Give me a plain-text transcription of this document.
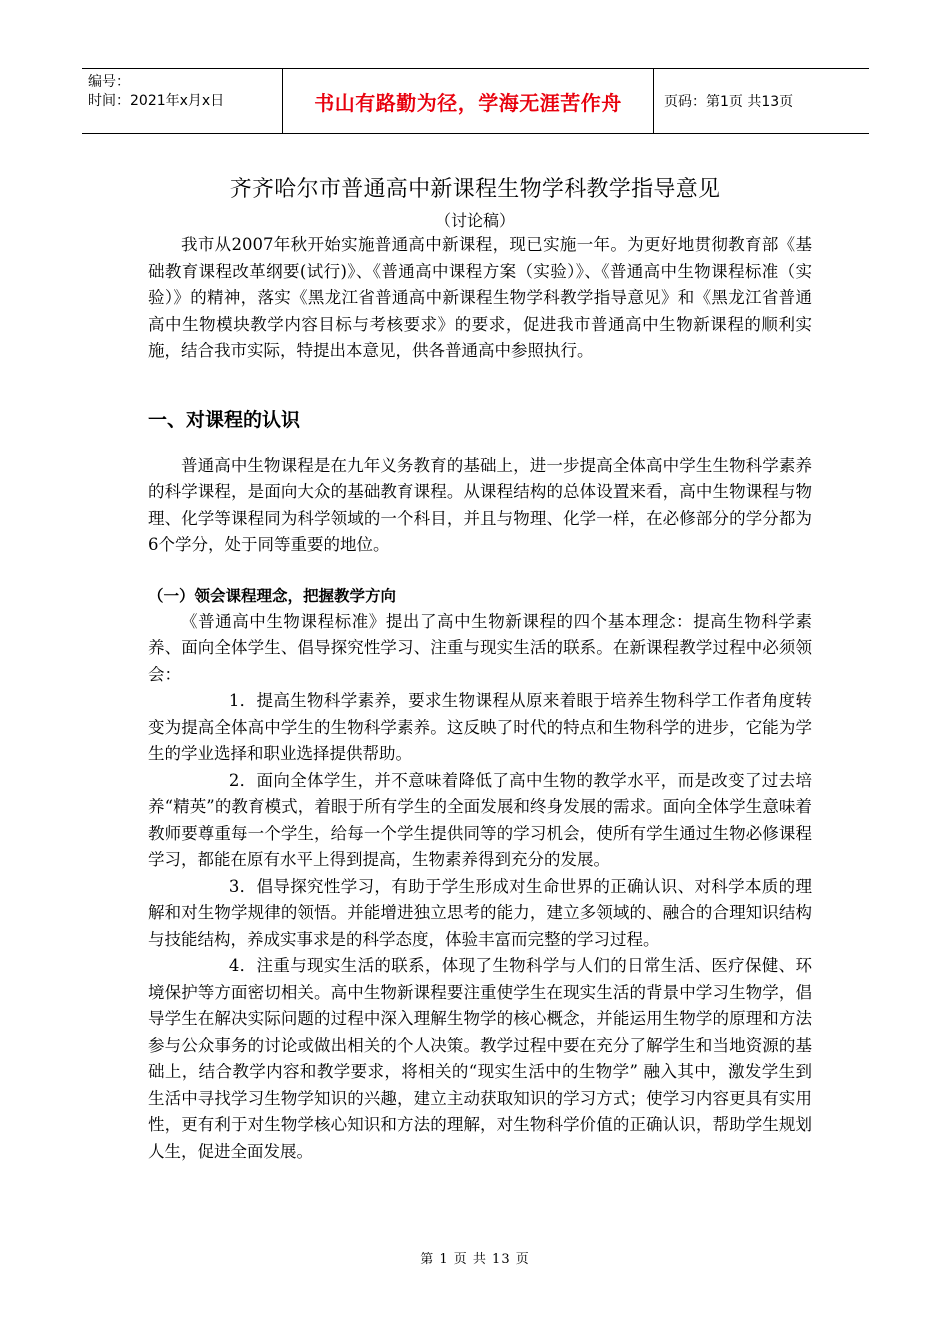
编号：
时间：2021年x月x日	书山有路勤为径，学海无涯苦作舟	页码：第1页 共13页
齐齐哈尔市普通高中新课程生物学科教学指导意见
（讨论稿）

我市从2007年秋开始实施普通高中新课程，现已实施一年。为更好地贯彻教育部《基础教育课程改革纲要(试行)》、《普通高中课程方案（实验）》、《普通高中生物课程标准（实验）》的精神，落实《黑龙江省普通高中新课程生物学科教学指导意见》和《黑龙江省普通高中生物模块教学内容目标与考核要求》的要求，促进我市普通高中生物新课程的顺利实施，结合我市实际，特提出本意见，供各普通高中参照执行。

一、对课程的认识

普通高中生物课程是在九年义务教育的基础上，进一步提高全体高中学生生物科学素养的科学课程，是面向大众的基础教育课程。从课程结构的总体设置来看，高中生物课程与物理、化学等课程同为科学领域的一个科目，并且与物理、化学一样，在必修部分的学分都为6个学分，处于同等重要的地位。

（一）领会课程理念，把握教学方向

《普通高中生物课程标准》提出了高中生物新课程的四个基本理念：提高生物科学素养、面向全体学生、倡导探究性学习、注重与现实生活的联系。在新课程教学过程中必须领会：

1．提高生物科学素养，要求生物课程从原来着眼于培养生物科学工作者角度转变为提高全体高中学生的生物科学素养。这反映了时代的特点和生物科学的进步，它能为学生的学业选择和职业选择提供帮助。

2．面向全体学生，并不意味着降低了高中生物的教学水平，而是改变了过去培养“精英”的教育模式，着眼于所有学生的全面发展和终身发展的需求。面向全体学生意味着教师要尊重每一个学生，给每一个学生提供同等的学习机会，使所有学生通过生物必修课程学习，都能在原有水平上得到提高，生物素养得到充分的发展。

3．倡导探究性学习，有助于学生形成对生命世界的正确认识、对科学本质的理解和对生物学规律的领悟。并能增进独立思考的能力，建立多领域的、融合的合理知识结构与技能结构，养成实事求是的科学态度，体验丰富而完整的学习过程。

4．注重与现实生活的联系，体现了生物科学与人们的日常生活、医疗保健、环境保护等方面密切相关。高中生物新课程要注重使学生在现实生活的背景中学习生物学，倡导学生在解决实际问题的过程中深入理解生物学的核心概念，并能运用生物学的原理和方法参与公众事务的讨论或做出相关的个人决策。教学过程中要在充分了解学生和当地资源的基础上，结合教学内容和教学要求，将相关的“现实生活中的生物学” 融入其中，激发学生到生活中寻找学习生物学知识的兴趣，建立主动获取知识的学习方式；使学习内容更具有实用性，更有利于对生物学核心知识和方法的理解，对生物科学价值的正确认识，帮助学生规划人生，促进全面发展。

第 1 页 共 13 页
